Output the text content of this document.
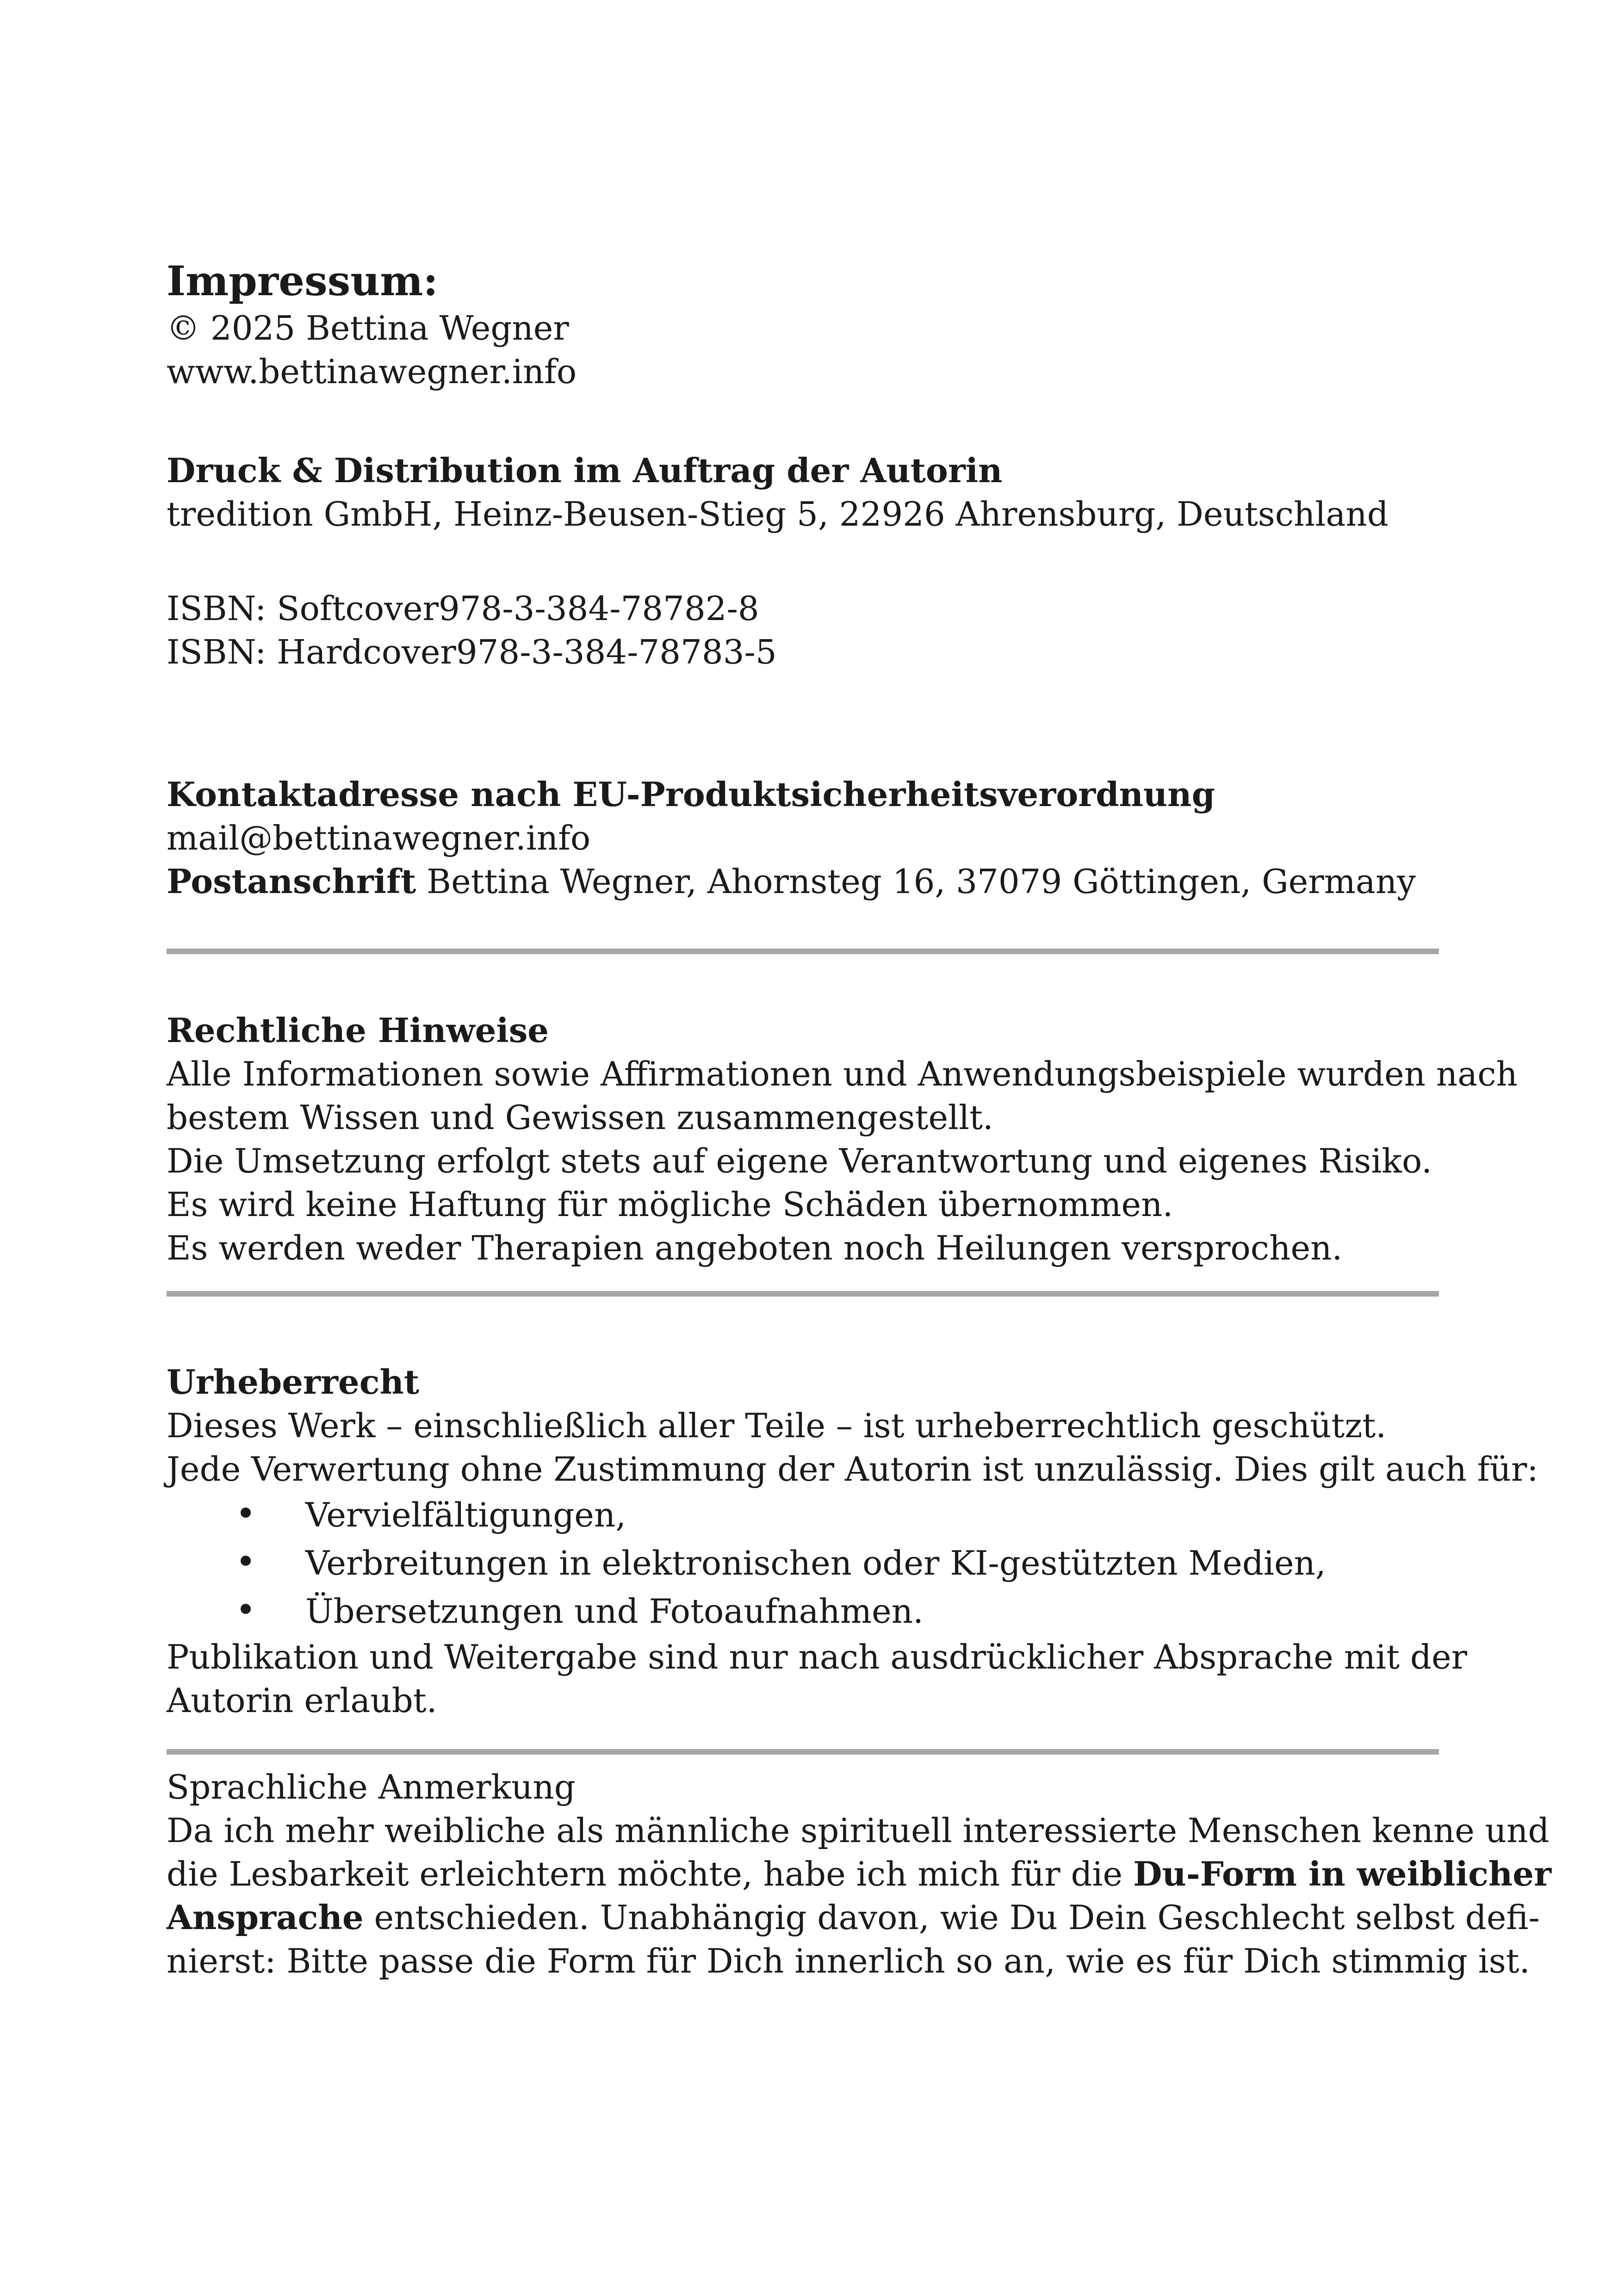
Impressum:

© 2025 Bettina Wegner

www.bettinawegner.info

Druck & Distribution im Auftrag der Autorin

tredition GmbH, Heinz-Beusen-Stieg 5, 22926 Ahrensburg, Deutschland

ISBN: Softcover978-3-384-78782-8

ISBN: Hardcover978-3-384-78783-5

Kontaktadresse nach EU-Produktsicherheitsverordnung

mail@bettinawegner.info

Postanschrift Bettina Wegner, Ahornsteg 16, 37079 Göttingen, Germany

Rechtliche Hinweise

Alle Informationen sowie Affirmationen und Anwendungsbeispiele wurden nach

bestem Wissen und Gewissen zusammengestellt.

Die Umsetzung erfolgt stets auf eigene Verantwortung und eigenes Risiko.

Es wird keine Haftung für mögliche Schäden übernommen.

Es werden weder Therapien angeboten noch Heilungen versprochen.

Urheberrecht

Dieses Werk – einschließlich aller Teile – ist urheberrechtlich geschützt.

Jede Verwertung ohne Zustimmung der Autorin ist unzulässig. Dies gilt auch für:

Vervielfältigungen,
Verbreitungen in elektronischen oder KI-gestützten Medien,
Übersetzungen und Fotoaufnahmen.

Publikation und Weitergabe sind nur nach ausdrücklicher Absprache mit der

Autorin erlaubt.

Sprachliche Anmerkung

Da ich mehr weibliche als männliche spirituell interessierte Menschen kenne und

die Lesbarkeit erleichtern möchte, habe ich mich für die Du-Form in weiblicher

Ansprache entschieden. Unabhängig davon, wie Du Dein Geschlecht selbst defi-

nierst: Bitte passe die Form für Dich innerlich so an, wie es für Dich stimmig ist.
